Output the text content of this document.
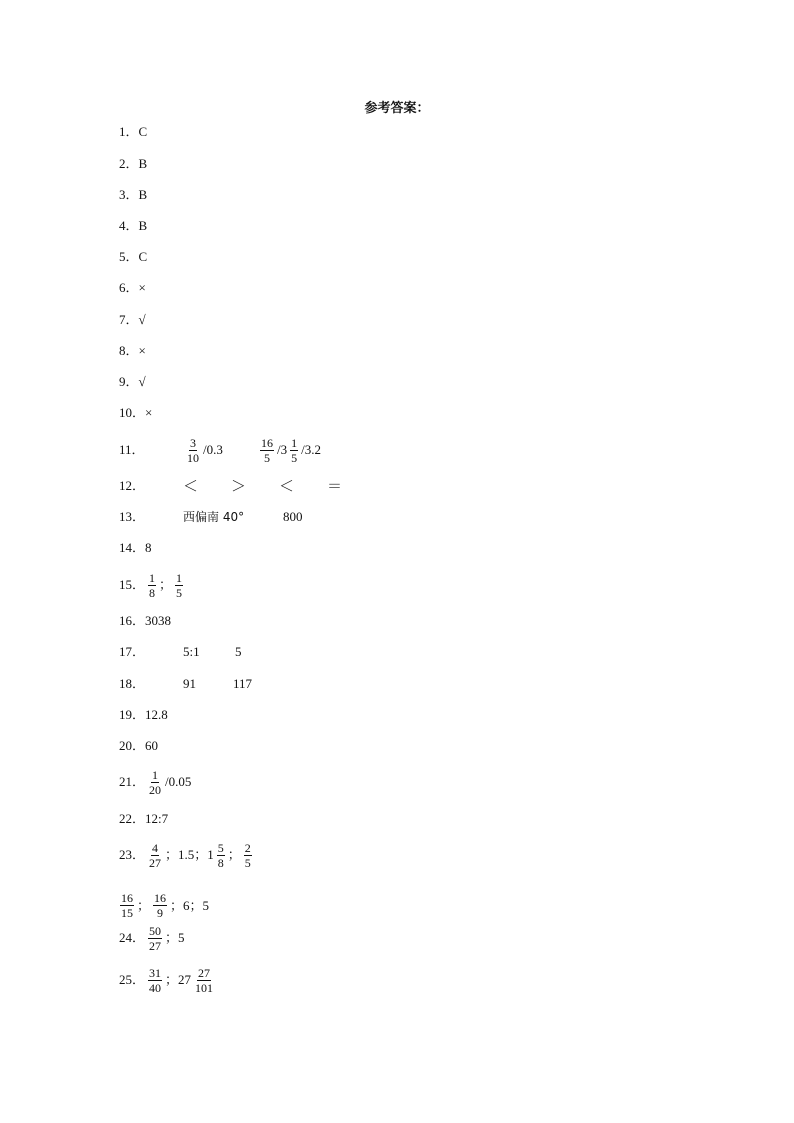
参考答案：
1．C
2．B
3．B
4．B
5．C
6．×
7．√
8．×
9．√
10．×
11．	$\frac{3}{10} /0.3$	$\frac{16}{5} /3 \frac{1}{5} /3.2$
12．	＜ ＞ ＜ ＝
13．	西偏南 40°	800
14．8
15． $\frac{1}{8}$ ； $\frac{1}{5}$
16．3038
17．	5:1	5
18．	91	117
19．12.8
20．60
21． $\frac{1}{20} /0.05$
22．12:7
23． $\frac{4}{27}$ ；1.5；$1 \frac{5}{8}$ ； $\frac{2}{5}$
$\frac{16}{15}$ ； $\frac{16}{9}$ ；6；5
24． $\frac{50}{27}$ ；5
25． $\frac{31}{40}$ ；$27 \frac{27}{101}$
